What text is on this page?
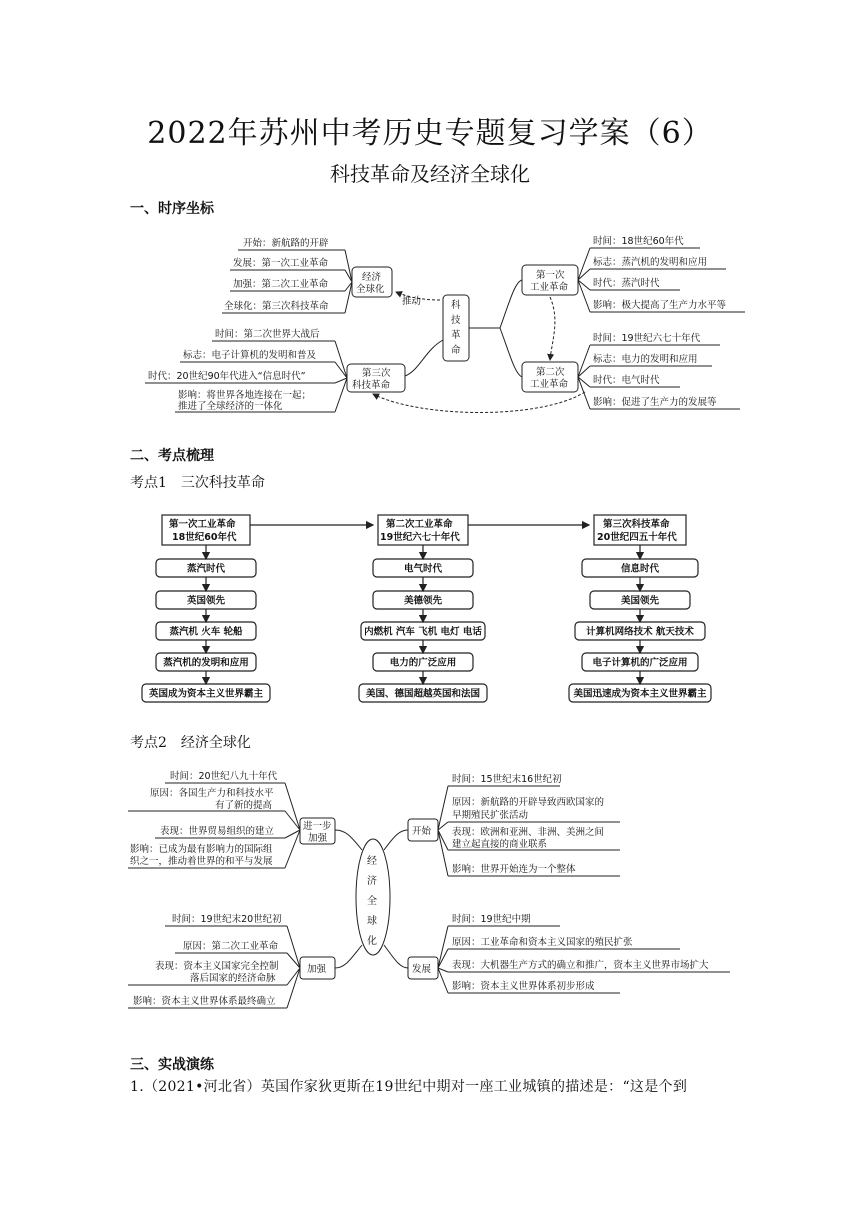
2022年苏州中考历史专题复习学案（6）
科技革命及经济全球化
一、时序坐标
二、考点梳理
考点1　三次科技革命
考点2　经济全球化
三、实战演练
1.（2021•河北省）英国作家狄更斯在19世纪中期对一座工业城镇的描述是：“这是个到
开始：新航路的开辟
发展：第一次工业革命
加强：第二次工业革命
全球化：第三次科技革命
经济
全球化
推动	科
技
革
命
第三次
科技革命
时间：第二次世界大战后
标志：电子计算机的发明和普及
时代：20世纪90年代进入“信息时代”
影响：将世界各地连接在一起；
推进了全球经济的一体化
第一次
工业革命
时间：18世纪60年代
标志：蒸汽机的发明和应用
时代：蒸汽时代
影响：极大提高了生产力水平等
第二次
工业革命
时间：19世纪六七十年代
标志：电力的发明和应用
时代：电气时代
影响：促进了生产力的发展等
第一次工业革命
18世纪60年代
第二次工业革命
19世纪六七十年代
第三次科技革命
20世纪四五十年代
蒸汽时代
英国领先
蒸汽机 火车 轮船
蒸汽机的发明和应用
英国成为资本主义世界霸主
电气时代
美德领先
内燃机 汽车 飞机 电灯 电话
电力的广泛应用
美国、德国超越英国和法国
信息时代
美国领先
计算机网络技术 航天技术
电子计算机的广泛应用
美国迅速成为资本主义世界霸主
经
济
全
球
化
进一步
加强
加强
开始
发展
时间：20世纪八九十年代
原因：各国生产力和科技水平
有了新的提高
表现：世界贸易组织的建立
影响：已成为最有影响力的国际组
织之一，推动着世界的和平与发展
时间：19世纪末20世纪初
原因：第二次工业革命
表现：资本主义国家完全控制
落后国家的经济命脉
影响：资本主义世界体系最终确立
时间：15世纪末16世纪初
原因：新航路的开辟导致西欧国家的
早期殖民扩张活动
表现：欧洲和亚洲、非洲、美洲之间
建立起直接的商业联系
影响：世界开始连为一个整体
时间：19世纪中期
原因：工业革命和资本主义国家的殖民扩张
表现：大机器生产方式的确立和推广，资本主义世界市场扩大
影响：资本主义世界体系初步形成
